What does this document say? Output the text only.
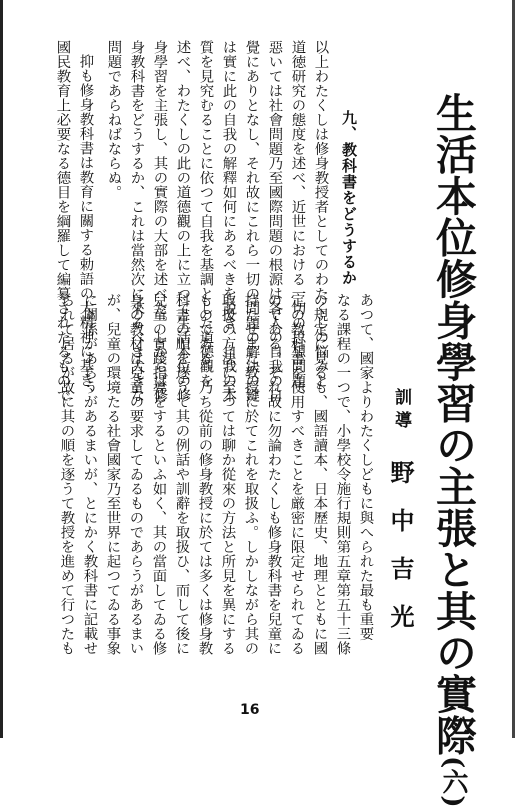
生活本位修身學習の主張と其の實際(六)
訓導
野中吉光
九、教科書をどうするか
あつて、國家よりわたくしどもに與へられた最も重要
なる課程の一つで、小學校令施行規則第五章第五十三條
の規定に見るも、國語讀本、日本歷史、地理とともに國
定の教科書を使用すべきことを厳密に限定せられてゐる
のである。それ故に勿論わたくしも修身教科書を兒童に
持たせまた教授に於てこれを取扱ふ。しかしながら其の
取扱の方法に至つては聊か從來の方法と所見を異にする
ものである。乃ち從前の修身教授に於ては多くは修身教
科書の順を逐うて其の例話や訓辭を取扱ひ、而して後に
兒童の實踐指導をするといふ如く、其の當面してゐる修
身の教材は兒童の要求してゐるものであらうがあるまい
が、兒童の環境たる社會國家乃至世界に起つてゐる事象
に關係があらうがあるまいが、とにかく教科書に記載せ
られて居るが故に其の順を逐うて教授を進めて行つたも
以上わたくしは修身教授者としてのわたくしの悩みと
道徳研究の態度を述べ、近世における一切の思想問題、
惡いては社會問題乃至國際問題の根源は各人の自我の自
覺にありとなし、それ故にこれら一切の問題の解決の鍵
は實に此の自我の解釋如何にあるべきを説き、自我の本
質を見究むることに依つて自我を基調とした道德觀を
述べ、わたくしの此の道德觀の上に立つて生活本位の修
身學習を主張し、其の實際の大部を述べた。しからば修
身教科書をどうするか、これは當然次に來るべき大きな
問題であらねばならぬ。
抑も修身教科書は教育に關する勅語の大精神に基き、
國民教育上必要なる德目を綱羅して編纂されたるもので
16
